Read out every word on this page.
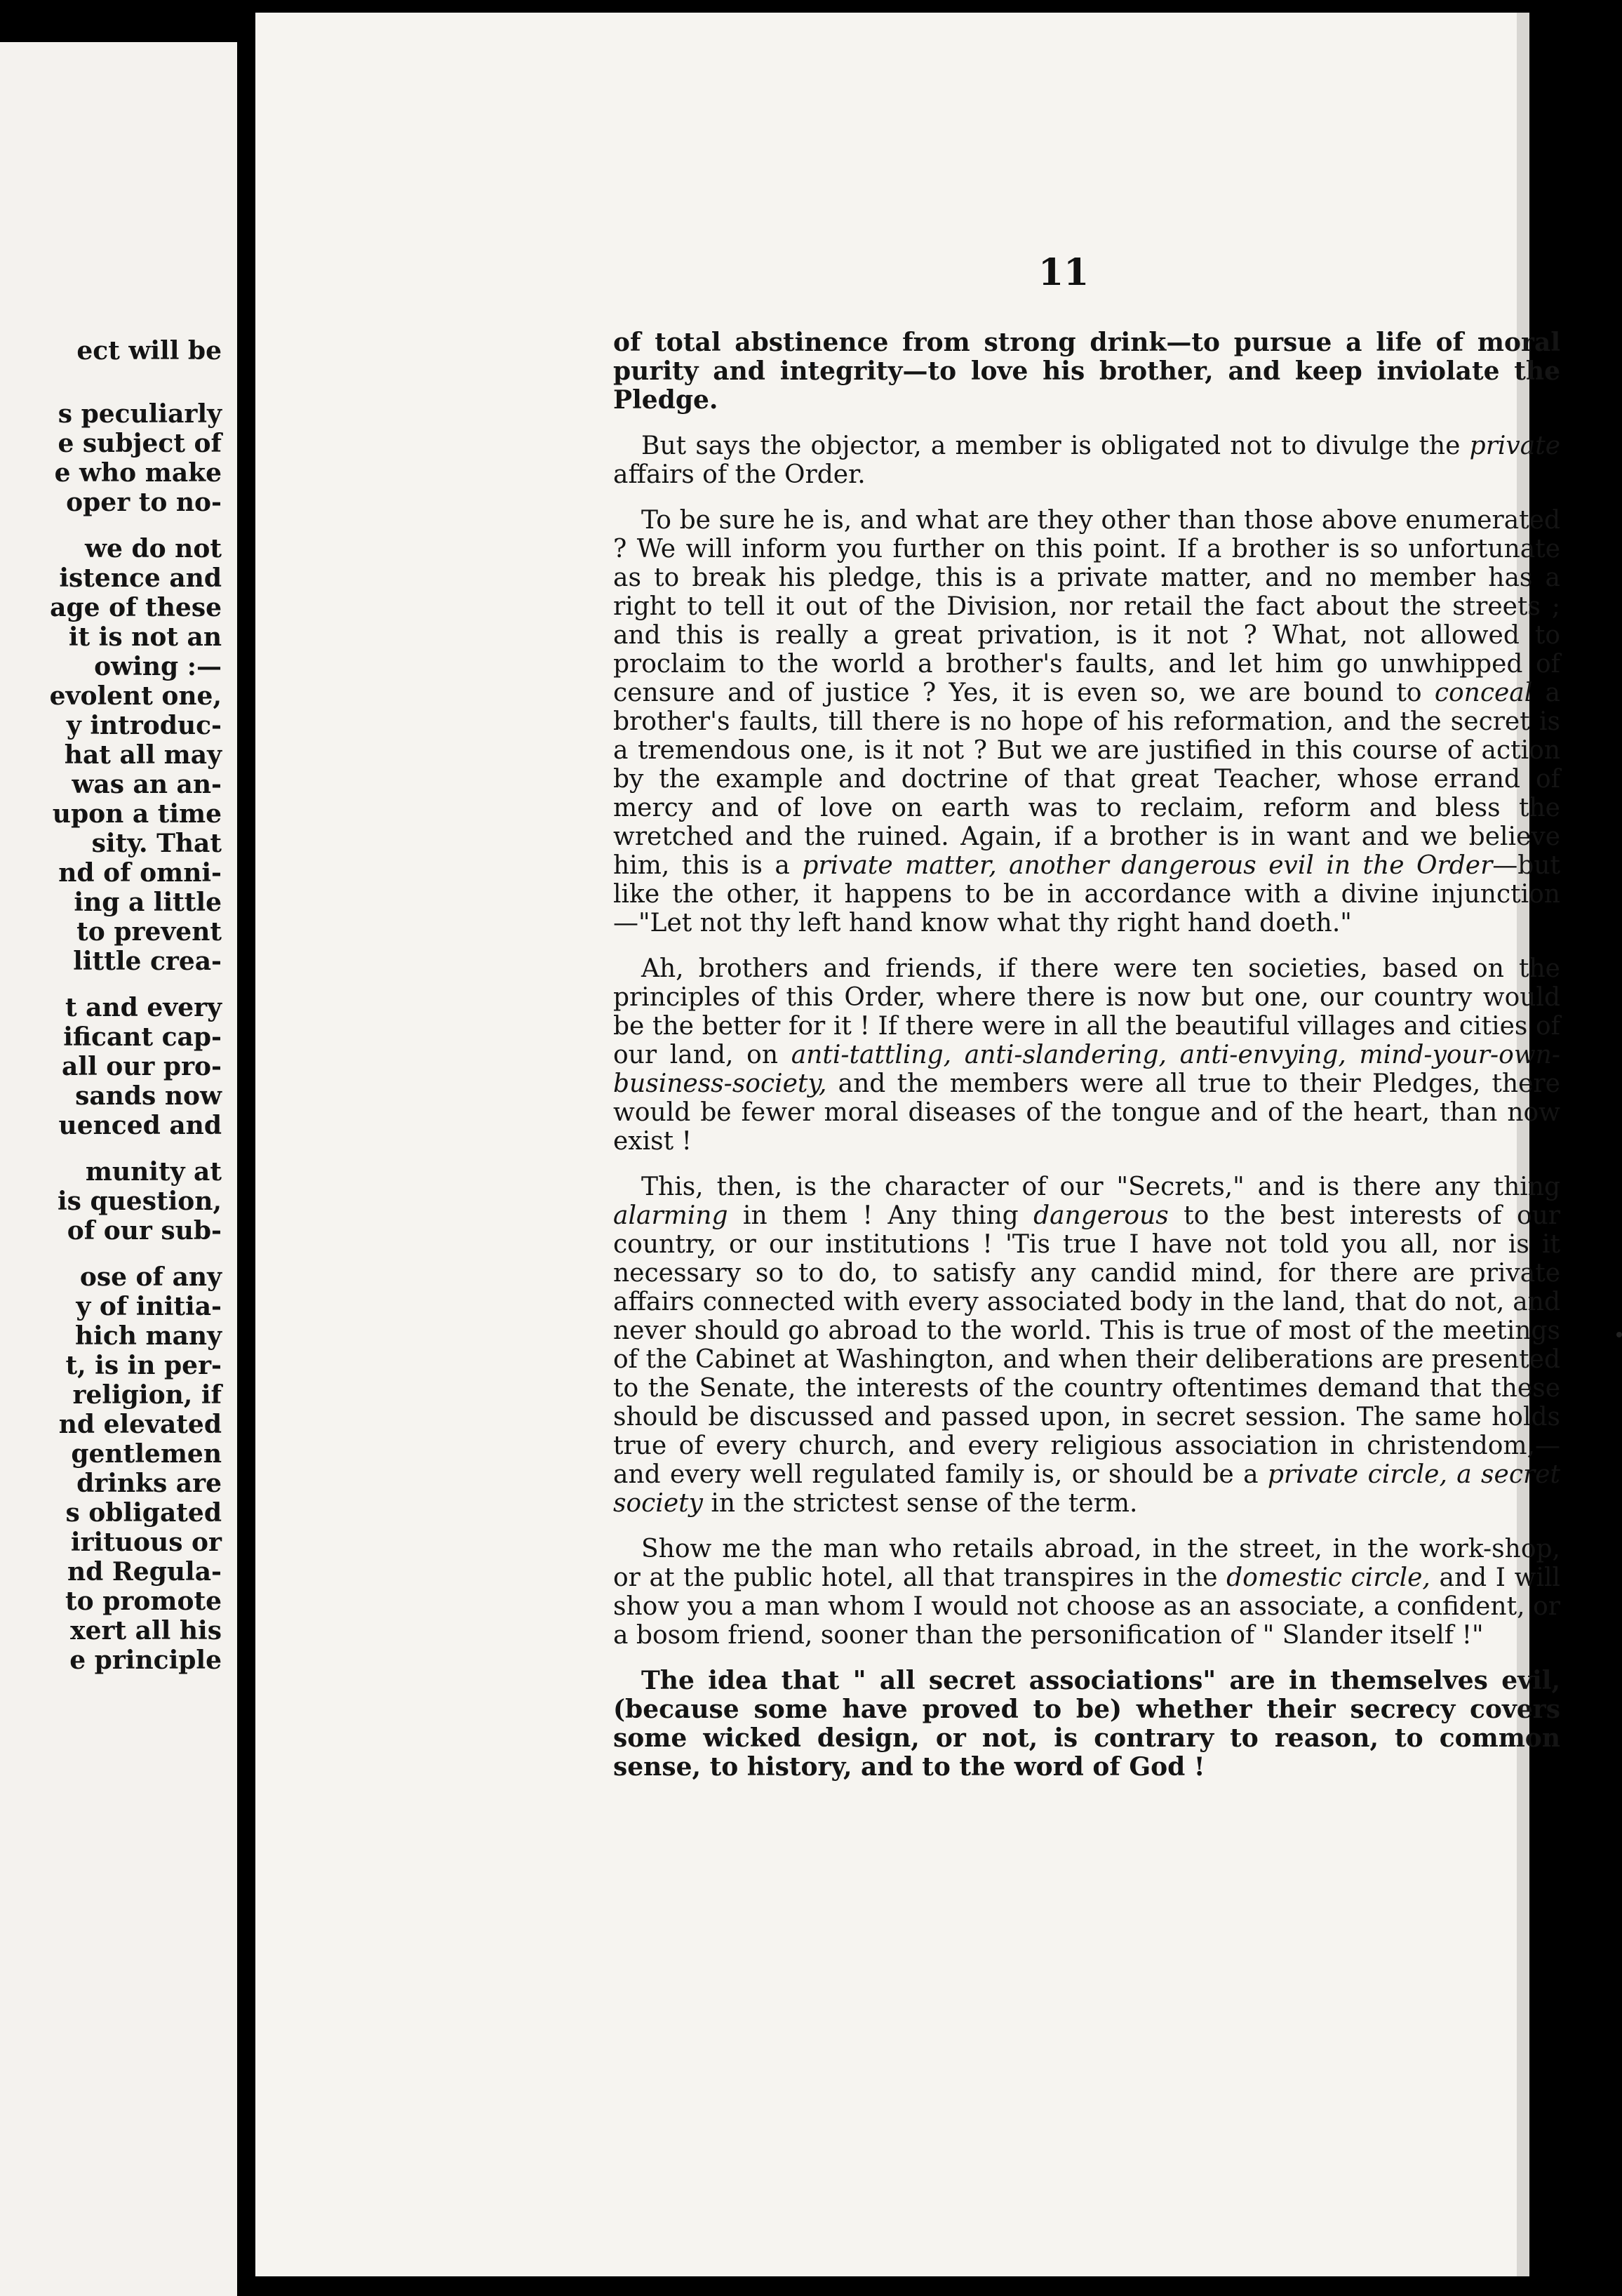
ect will be
s peculiarly
e subject of
e who make
oper to no-
we do not
istence and
age of these
it is not an
owing :—
evolent one,
y introduc-
hat all may
was an an-
upon a time
sity. That
nd of omni-
ing a little
to prevent
little crea-
t and every
ificant cap-
all our pro-
sands now
uenced and
munity at
is question,
of our sub-
ose of any
y of initia-
hich many
t, is in per-
religion, if
nd elevated
gentlemen
drinks are
s obligated
irituous or
nd Regula-
to promote
xert all his
e principle
11

of total abstinence from strong drink—to pursue a life of moral purity and integrity—to love his brother, and keep inviolate the Pledge.

But says the objector, a member is obligated not to divulge the private affairs of the Order.

To be sure he is, and what are they other than those above enumerated ? We will inform you further on this point. If a brother is so unfortunate as to break his pledge, this is a private matter, and no member has a right to tell it out of the Division, nor retail the fact about the streets ; and this is really a great privation, is it not ? What, not allowed to proclaim to the world a brother's faults, and let him go unwhipped of censure and of justice ? Yes, it is even so, we are bound to conceal a brother's faults, till there is no hope of his reformation, and the secret is a tremendous one, is it not ? But we are justified in this course of action by the example and doctrine of that great Teacher, whose errand of mercy and of love on earth was to reclaim, reform and bless the wretched and the ruined. Again, if a brother is in want and we believe him, this is a private matter, another dangerous evil in the Order—but like the other, it happens to be in accordance with a divine injunction—"Let not thy left hand know what thy right hand doeth."

Ah, brothers and friends, if there were ten societies, based on the principles of this Order, where there is now but one, our country would be the better for it ! If there were in all the beautiful villages and cities of our land, on anti-tattling, anti-slandering, anti-envying, mind-your-own-business-society, and the members were all true to their Pledges, there would be fewer moral diseases of the tongue and of the heart, than now exist !

This, then, is the character of our "Secrets," and is there any thing alarming in them ! Any thing dangerous to the best interests of our country, or our institutions ! 'Tis true I have not told you all, nor is it necessary so to do, to satisfy any candid mind, for there are private affairs connected with every associated body in the land, that do not, and never should go abroad to the world. This is true of most of the meetings of the Cabinet at Washington, and when their deliberations are presented to the Senate, the interests of the country oftentimes demand that these should be discussed and passed upon, in secret session. The same holds true of every church, and every religious association in christendom,—and every well regulated family is, or should be a private circle, a secret society in the strictest sense of the term.

Show me the man who retails abroad, in the street, in the work-shop, or at the public hotel, all that transpires in the domestic circle, and I will show you a man whom I would not choose as an associate, a confident, or a bosom friend, sooner than the personification of " Slander itself !"

The idea that " all secret associations" are in themselves evil, (because some have proved to be) whether their secrecy covers some wicked design, or not, is contrary to reason, to common sense, to history, and to the word of God !
